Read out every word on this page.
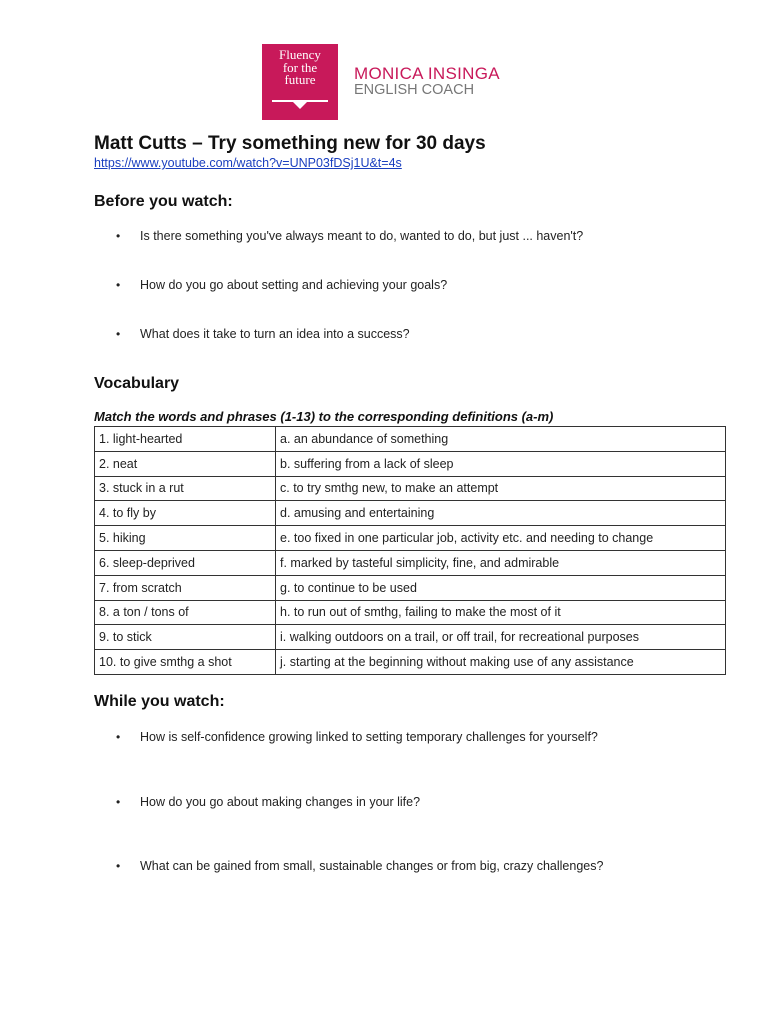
Fluency
for the
future	MONICA INSINGA
ENGLISH COACH
Matt Cutts – Try something new for 30 days
https://www.youtube.com/watch?v=UNP03fDSj1U&t=4s
Before you watch:
• Is there something you've always meant to do, wanted to do, but just ... haven't?
• How do you go about setting and achieving your goals?
• What does it take to turn an idea into a success?
Vocabulary
Match the words and phrases (1-13) to the corresponding definitions (a-m)
1. light-hearted	a. an abundance of something
2. neat	b. suffering from a lack of sleep
3. stuck in a rut	c. to try smthg new, to make an attempt
4. to fly by	d. amusing and entertaining
5. hiking	e. too fixed in one particular job, activity etc. and needing to change
6. sleep-deprived	f. marked by tasteful simplicity, fine, and admirable
7. from scratch	g. to continue to be used
8. a ton / tons of	h. to run out of smthg, failing to make the most of it
9. to stick	i. walking outdoors on a trail, or off trail, for recreational purposes
10. to give smthg a shot	j. starting at the beginning without making use of any assistance
While you watch:
• How is self-confidence growing linked to setting temporary challenges for yourself?
• How do you go about making changes in your life?
• What can be gained from small, sustainable changes or from big, crazy challenges?
